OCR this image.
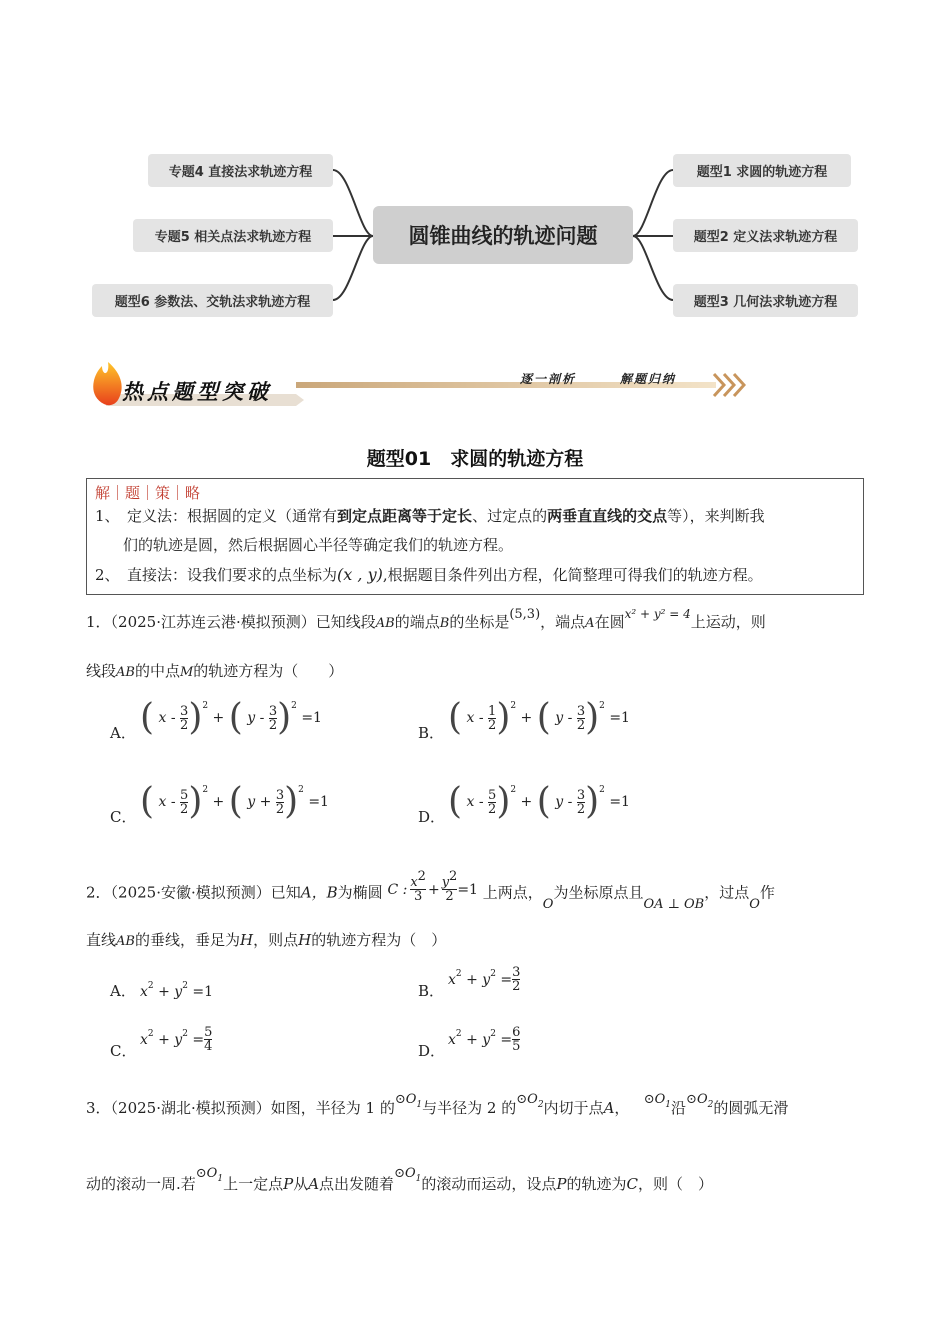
圆锥曲线的轨迹问题
专题4 直接法求轨迹方程
专题5 相关点法求轨迹方程
题型6 参数法、交轨法求轨迹方程
题型1 求圆的轨迹方程
题型2 定义法求轨迹方程
题型3 几何法求轨迹方程
热点题型突破	逐一剖析	解题归纳
题型01　求圆的轨迹方程
解｜题｜策｜略
1、　定义法：根据圆的定义（通常有到定点距离等于定长、过定点的两垂直直线的交点等），来判断我
们的轨迹是圆，然后根据圆心半径等确定我们的轨迹方程。
2、　直接法：设我们要求的点坐标为(x , y),根据题目条件列出方程，化简整理可得我们的轨迹方程。
1．（2025·江苏连云港·模拟预测）已知线段AB的端点B的坐标是(5,3)，端点A在圆$^{x^2 + y^2 = 4}$上运动，则
线段AB的中点M的轨迹方程为（　　）
A． (
x
-
$\frac{3}{2}$ ) 2
+ (
y
-
$\frac{3}{2}$ ) 2

=1
B． (
x
-
$\frac{1}{2}$ ) 2
+ (
y
-
$\frac{3}{2}$ ) 2

=1
C． (
x
-
$\frac{5}{2}$ ) 2
+ (
y
+
$\frac{3}{2}$ ) 2

=1
D． (
x
-
$\frac{5}{2}$ ) 2
+ (
y
-
$\frac{3}{2}$ ) 2

=1
2．（2025·安徽·模拟预测）已知A，B为椭圆 C : $\frac{x2}{3} + \frac{y2}{2} =1$ 上两点，O为坐标原点且OA ⊥ OB，过点O作
直线AB的垂线，垂足为H，则点H的轨迹方程为（　）
A． x 2 + y 2
=1	B．
x 2 + y $2 = \frac{3}{2}$
C．
x 2 + y $2 = \frac{5}{4}$	D．
x 2 + y $2 = \frac{6}{5}$
3．（2025·湖北·模拟预测）如图，半径为 1 的$⊙O_1$与半径为 2 的$⊙O_2$内切于点A， $⊙O_1$沿$⊙O_2$的圆弧无滑
动的滚动一周.若$⊙O_1$上一定点P从A点出发随着$⊙O_1$的滚动而运动，设点P的轨迹为C，则（　）
